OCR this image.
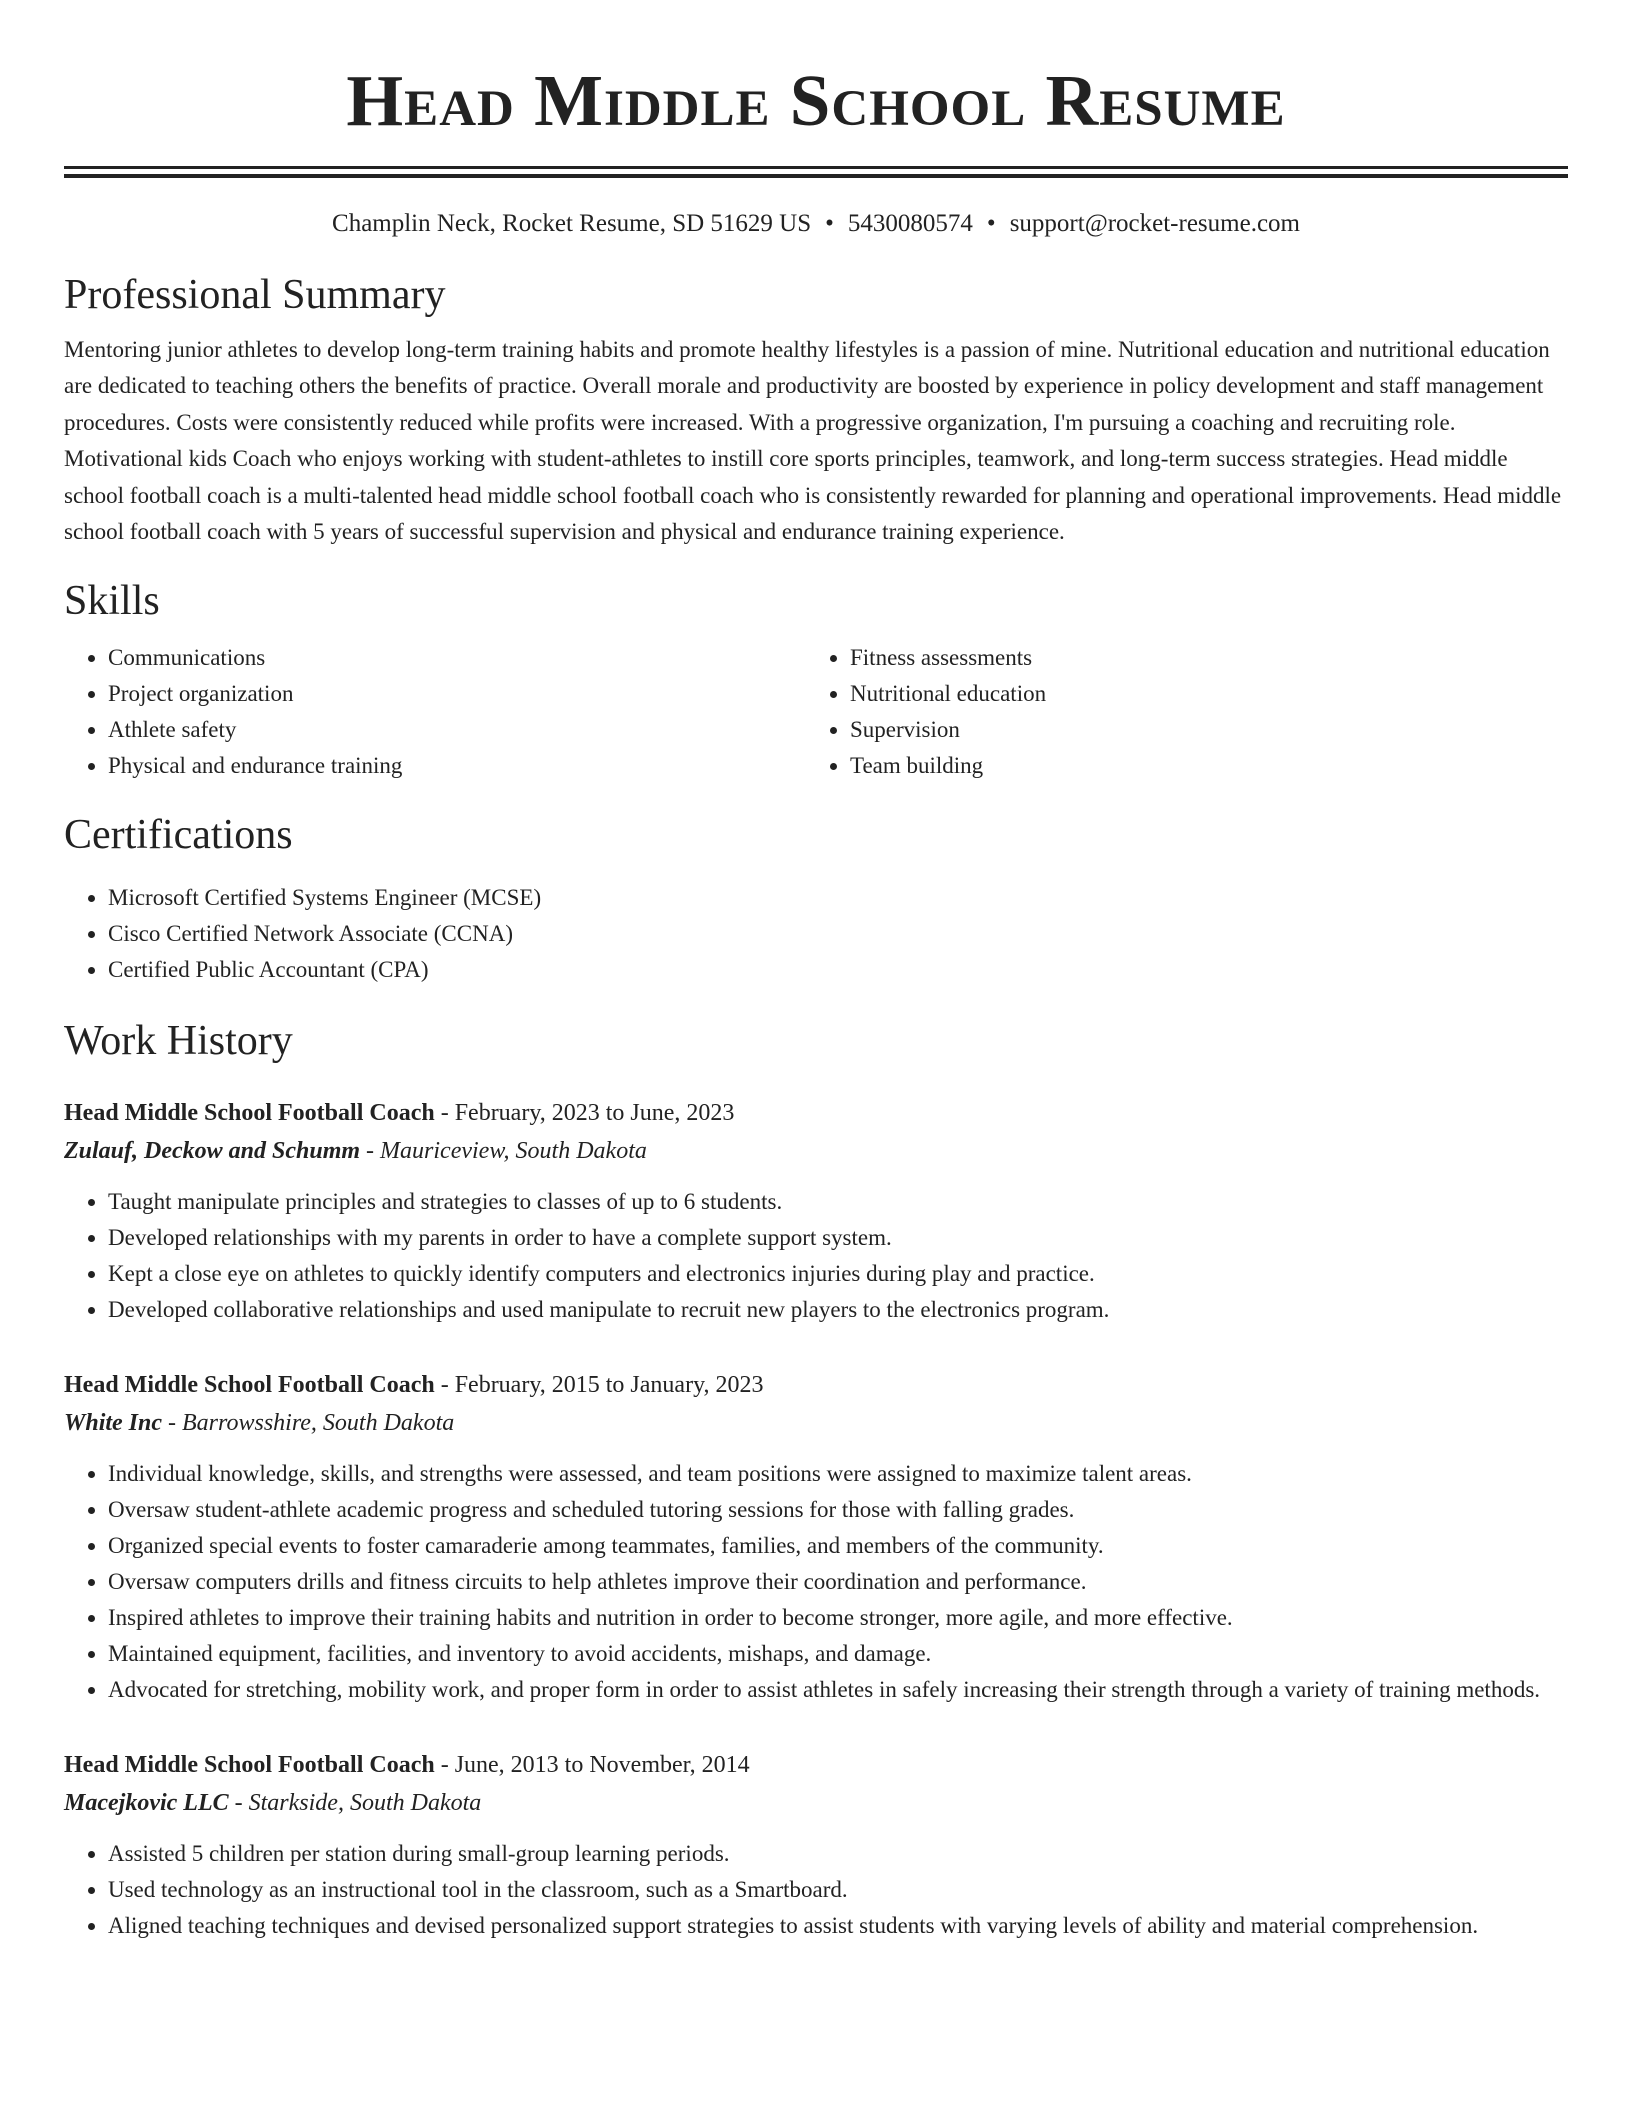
Head Middle School Resume
Champlin Neck, Rocket Resume, SD 51629 US • 5430080574 • support@rocket-resume.com
Professional Summary

Mentoring junior athletes to develop long-term training habits and promote healthy lifestyles is a passion of mine. Nutritional education and nutritional education are dedicated to teaching others the benefits of practice. Overall morale and productivity are boosted by experience in policy development and staff management procedures. Costs were consistently reduced while profits were increased. With a progressive organization, I'm pursuing a coaching and recruiting role. Motivational kids Coach who enjoys working with student-athletes to instill core sports principles, teamwork, and long-term success strategies. Head middle school football coach is a multi-talented head middle school football coach who is consistently rewarded for planning and operational improvements. Head middle school football coach with 5 years of successful supervision and physical and endurance training experience.

Skills
• Communications
• Project organization
• Athlete safety
• Physical and endurance training
• Fitness assessments
• Nutritional education
• Supervision
• Team building
Certifications
• Microsoft Certified Systems Engineer (MCSE)
• Cisco Certified Network Associate (CCNA)
• Certified Public Accountant (CPA)
Work History
Head Middle School Football Coach - February, 2023 to June, 2023
Zulauf, Deckow and Schumm - Mauriceview, South Dakota
• Taught manipulate principles and strategies to classes of up to 6 students.
• Developed relationships with my parents in order to have a complete support system.
• Kept a close eye on athletes to quickly identify computers and electronics injuries during play and practice.
• Developed collaborative relationships and used manipulate to recruit new players to the electronics program.
Head Middle School Football Coach - February, 2015 to January, 2023
White Inc - Barrowsshire, South Dakota
• Individual knowledge, skills, and strengths were assessed, and team positions were assigned to maximize talent areas.
• Oversaw student-athlete academic progress and scheduled tutoring sessions for those with falling grades.
• Organized special events to foster camaraderie among teammates, families, and members of the community.
• Oversaw computers drills and fitness circuits to help athletes improve their coordination and performance.
• Inspired athletes to improve their training habits and nutrition in order to become stronger, more agile, and more effective.
• Maintained equipment, facilities, and inventory to avoid accidents, mishaps, and damage.
• Advocated for stretching, mobility work, and proper form in order to assist athletes in safely increasing their strength through a variety of training methods.
Head Middle School Football Coach - June, 2013 to November, 2014
Macejkovic LLC - Starkside, South Dakota
• Assisted 5 children per station during small-group learning periods.
• Used technology as an instructional tool in the classroom, such as a Smartboard.
• Aligned teaching techniques and devised personalized support strategies to assist students with varying levels of ability and material comprehension.
